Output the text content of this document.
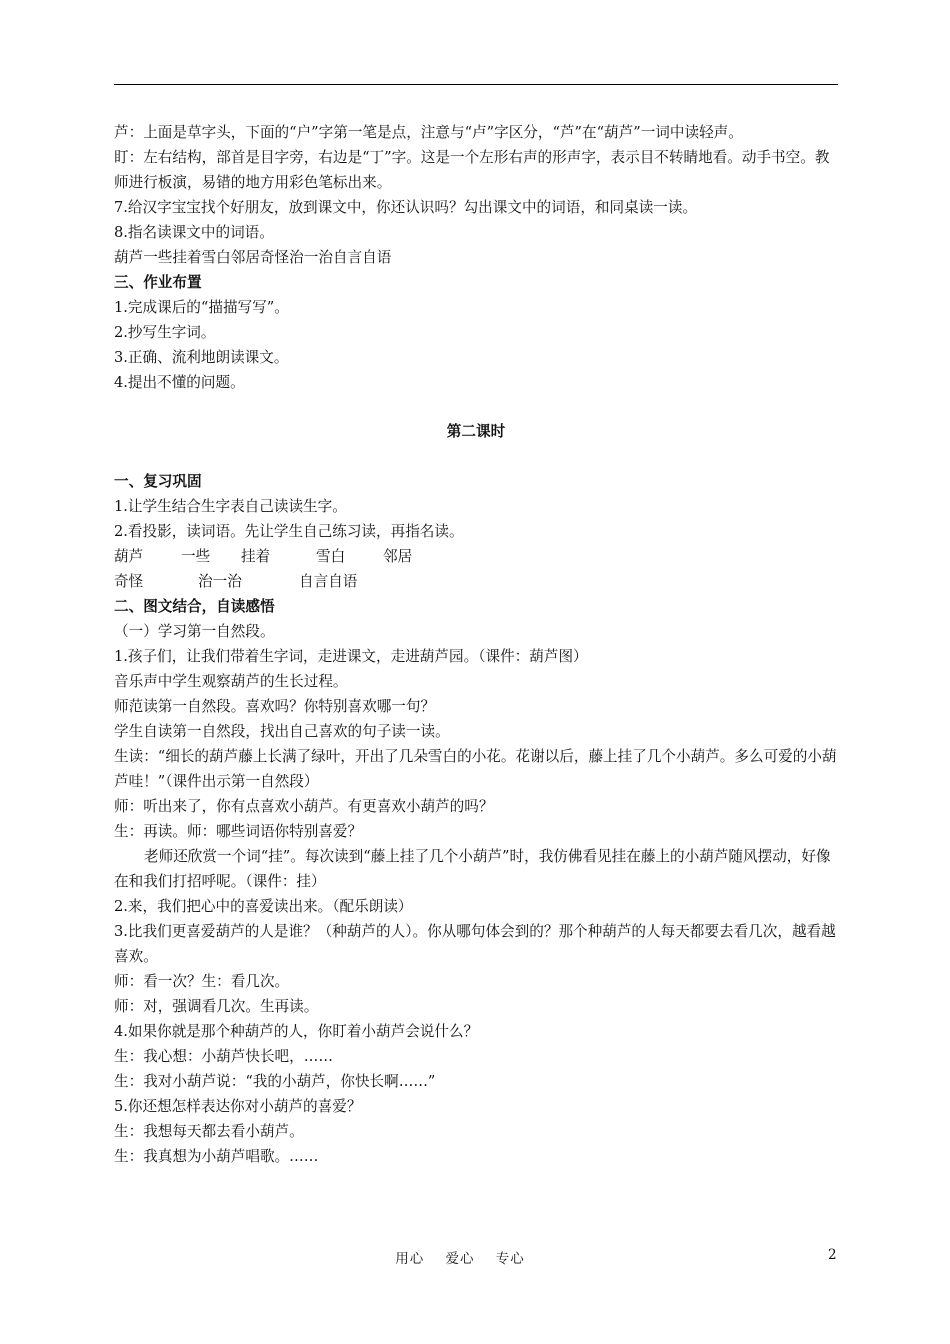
芦：上面是草字头，下面的“户”字第一笔是点，注意与“卢”字区分，“芦”在“葫芦”一词中读轻声。
盯：左右结构，部首是目字旁，右边是“丁”字。这是一个左形右声的形声字，表示目不转睛地看。动手书空。教师进行板演，易错的地方用彩色笔标出来。
7.给汉字宝宝找个好朋友，放到课文中，你还认识吗？勾出课文中的词语，和同桌读一读。
8.指名读课文中的词语。
葫芦一些挂着雪白邻居奇怪治一治自言自语
三、作业布置
1.完成课后的“描描写写”。
2.抄写生字词。
3.正确、流利地朗读课文。
4.提出不懂的问题。
第二课时
一、复习巩固
1.让学生结合生字表自己读读生字。
2.看投影，读词语。先让学生自己练习读，再指名读。
葫芦	一些	挂着	雪白	邻居
奇怪	治一治	自言自语
二、图文结合，自读感悟
（一）学习第一自然段。
1.孩子们，让我们带着生字词，走进课文，走进葫芦园。（课件：葫芦图）
音乐声中学生观察葫芦的生长过程。
师范读第一自然段。喜欢吗？你特别喜欢哪一句？
学生自读第一自然段，找出自己喜欢的句子读一读。
生读：“细长的葫芦藤上长满了绿叶，开出了几朵雪白的小花。花谢以后，藤上挂了几个小葫芦。多么可爱的小葫芦哇！”（课件出示第一自然段）
师：听出来了，你有点喜欢小葫芦。有更喜欢小葫芦的吗？
生：再读。师：哪些词语你特别喜爱？
老师还欣赏一个词“挂”。每次读到“藤上挂了几个小葫芦”时，我仿佛看见挂在藤上的小葫芦随风摆动，好像在和我们打招呼呢。（课件：挂）
2.来，我们把心中的喜爱读出来。（配乐朗读）
3.比我们更喜爱葫芦的人是谁？（种葫芦的人）。你从哪句体会到的？那个种葫芦的人每天都要去看几次，越看越喜欢。
师：看一次？生：看几次。
师：对，强调看几次。生再读。
4.如果你就是那个种葫芦的人，你盯着小葫芦会说什么？
生：我心想：小葫芦快长吧，……
生：我对小葫芦说：“我的小葫芦，你快长啊……”
5.你还想怎样表达你对小葫芦的喜爱？
生：我想每天都去看小葫芦。
生：我真想为小葫芦唱歌。……
用心 爱心 专心	2
